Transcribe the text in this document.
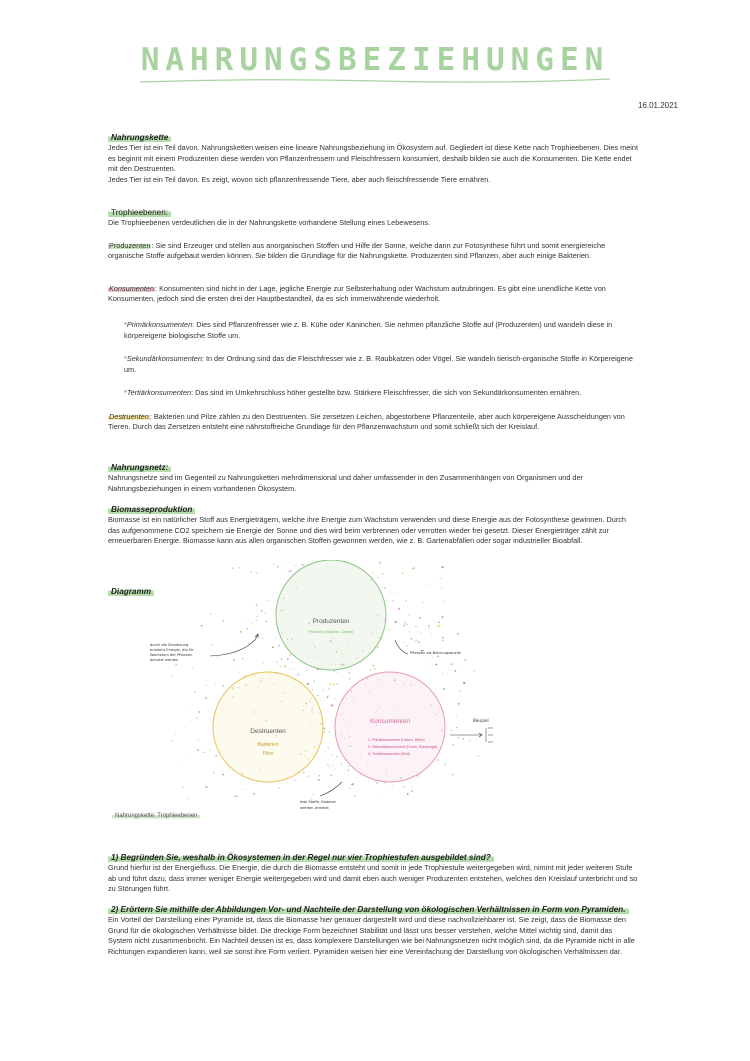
NAHRUNGSBEZIEHUNGEN
16.01.2021
Nahrungskette

Jedes Tier ist ein Teil davon. Nahrungsketten weisen eine lineare Nahrungsbeziehung im Ökosystem auf. Gegliedert ist diese Kette nach Trophieebenen. Dies meint es beginnt mit einem Produzenten diese werden von Pflanzenfressern und Fleischfressern konsumiert, deshalb bilden sie auch die Konsumenten. Die Kette endet mit den Destruenten.

Jedes Tier ist ein Teil davon. Es zeigt, wovon sich pflanzenfressende Tiere, aber auch fleischfressende Tiere ernähren.

Trophieebenen:

Die Trophieebenen verdeutlichen die in der Nahrungskette vorhandene Stellung eines Lebewesens.

Produzenten: Sie sind Erzeuger und stellen aus anorganischen Stoffen und Hilfe der Sonne, welche dann zur Fotosynthese führt und somit energiereiche organische Stoffe aufgebaut werden können. Sie bilden die Grundlage für die Nahrungskette. Produzenten sind Pflanzen, aber auch einige Bakterien.

Konsumenten: Konsumenten sind nicht in der Lage, jegliche Energie zur Selbsterhaltung oder Wachstum aufzubringen. Es gibt eine unendliche Kette von Konsumenten, jedoch sind die ersten drei der Hauptbestandteil, da es sich immerwährende wiederholt.

*Primärkonsumenten: Dies sind Pflanzenfresser wie z. B. Kühe oder Kaninchen. Sie nehmen pflanzliche Stoffe auf (Produzenten) und wandeln diese in körpereigene biologische Stoffe um.

*Sekundärkonsumenten: In der Ordnung sind das die Fleischfresser wie z. B. Raubkatzen oder Vögel. Sie wandeln tierisch-organische Stoffe in Körpereigene um.

*Tertiärkonsumenten: Das sind im Umkehrschluss höher gestellte bzw. Stärkere Fleischfresser, die sich von Sekundärkonsumenten ernähren.

Destruenten: Bakterien und Pilze zählen zu den Destruenten. Sie zersetzen Leichen, abgestorbene Pflanzenteile, aber auch körpereigene Ausscheidungen von Tieren. Durch das Zersetzen entsteht eine nährstoffreiche Grundlage für den Pflanzenwachstum und somit schließt sich der Kreislauf.

Nahrungsnetz:

Nahrungsnetze sind im Gegenteil zu Nahrungsketten mehrdimensional und daher umfassender in den Zusammenhängen von Organismen und der Nahrungsbeziehungen in einem vorhandenen Ökosystem.

Biomasseproduktion

Biomasse ist ein natürlicher Stoff aus Energieträgern, welche ihre Energie zum Wachstum verwenden und diese Energie aus der Fotosynthese gewinnen. Durch das aufgenommene CO2 speichern sie Energie der Sonne und dies wird beim verbrennen oder verrotten wieder frei gesetzt. Dieser Energieträger zählt zur erneuerbaren Energie. Biomasse kann aus allen organischen Stoffen gewonnen werden, wie z. B. Gartenabfällen oder sogar industrieller Bioabfall.

Diagramm
Produzenten
Pflanzen (Bäume, Zellen)
Destruenten
Bakterien
Pilze
Konsumenten
1. Primärkonsument (Hasen, Rehe)
2. Sekundärkonsument (Fuchs, Raubvogel)
3. Tertiärkonsument (Wolf)
durch die Zersetzung
entsteht Energie, die für
Wachstum der Pflanzen
benutzt werden
Pflanzen als Nahrungsquelle
tote Stoffe, Kadaver
werden zersetzt
Beispiel
Nahrungskette: Trophieebenen
1) Begründen Sie, weshalb in Ökosystemen in der Regel nur vier Trophiestufen ausgebildet sind?

Grund hierfür ist der Energiefluss. Die Energie, die durch die Biomasse entsteht und somit in jede Trophiestufe weitergegeben wird, nimmt mit jeder weiteren Stufe ab und führt dazu, dass immer weniger Energie weitergegeben wird und damit eben auch weniger Produzenten entstehen, welches den Kreislauf unterbricht und so zu Störungen führt.

2) Erörtern Sie mithilfe der Abbildungen Vor- und Nachteile der Darstellung von ökologischen Verhältnissen in Form von Pyramiden.

Ein Vorteil der Darstellung einer Pyramide ist, dass die Biomasse hier genauer dargestellt wird und diese nachvollziehbarer ist. Sie zeigt, dass die Biomasse den Grund für die ökologischen Verhältnisse bildet. Die dreckige Form bezeichnet Stabilität und lässt uns besser verstehen, welche Mittel wichtig sind, damit das System nicht zusammenbricht. Ein Nachteil dessen ist es, dass komplexere Darstellungen wie bei Nahrungsnetzen nicht möglich sind, da die Pyramide nicht in alle Richtungen expandieren kann, weil sie sonst ihre Form verliert. Pyramiden weisen hier eine Vereinfachung der Darstellung von ökologischen Verhältnissen dar.
